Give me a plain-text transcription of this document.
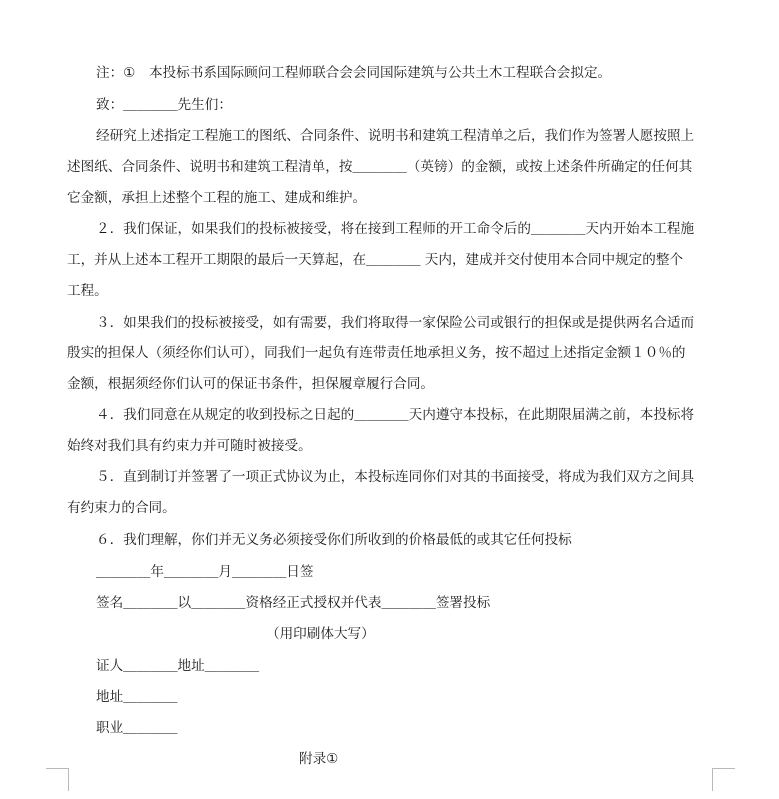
注：①　本投标书系国际顾问工程师联合会会同国际建筑与公共土木工程联合会拟定。
致：＿＿＿＿先生们：
经研究上述指定工程施工的图纸、合同条件、说明书和建筑工程清单之后，我们作为签署人愿按照上
述图纸、合同条件、说明书和建筑工程清单，按＿＿＿＿（英镑）的金额，或按上述条件所确定的任何其
它金额，承担上述整个工程的施工、建成和维护。
２．我们保证，如果我们的投标被接受，将在接到工程师的开工命令后的＿＿＿＿天内开始本工程施
工，并从上述本工程开工期限的最后一天算起，在＿＿＿＿ 天内，建成并交付使用本合同中规定的整个
工程。
３．如果我们的投标被接受，如有需要，我们将取得一家保险公司或银行的担保或是提供两名合适而
殷实的担保人（须经你们认可），同我们一起负有连带责任地承担义务，按不超过上述指定金额１０％的
金额，根据须经你们认可的保证书条件，担保履章履行合同。
４．我们同意在从规定的收到投标之日起的＿＿＿＿天内遵守本投标，在此期限届满之前，本投标将
始终对我们具有约束力并可随时被接受。
５．直到制订并签署了一项正式协议为止，本投标连同你们对其的书面接受，将成为我们双方之间具
有约束力的合同。
６．我们理解，你们并无义务必须接受你们所收到的价格最低的或其它任何投标
＿＿＿＿年＿＿＿＿月＿＿＿＿日签
签名＿＿＿＿以＿＿＿＿资格经正式授权并代表＿＿＿＿签署投标
（用印刷体大写）
证人＿＿＿＿地址＿＿＿＿
地址＿＿＿＿
职业＿＿＿＿
附录①
